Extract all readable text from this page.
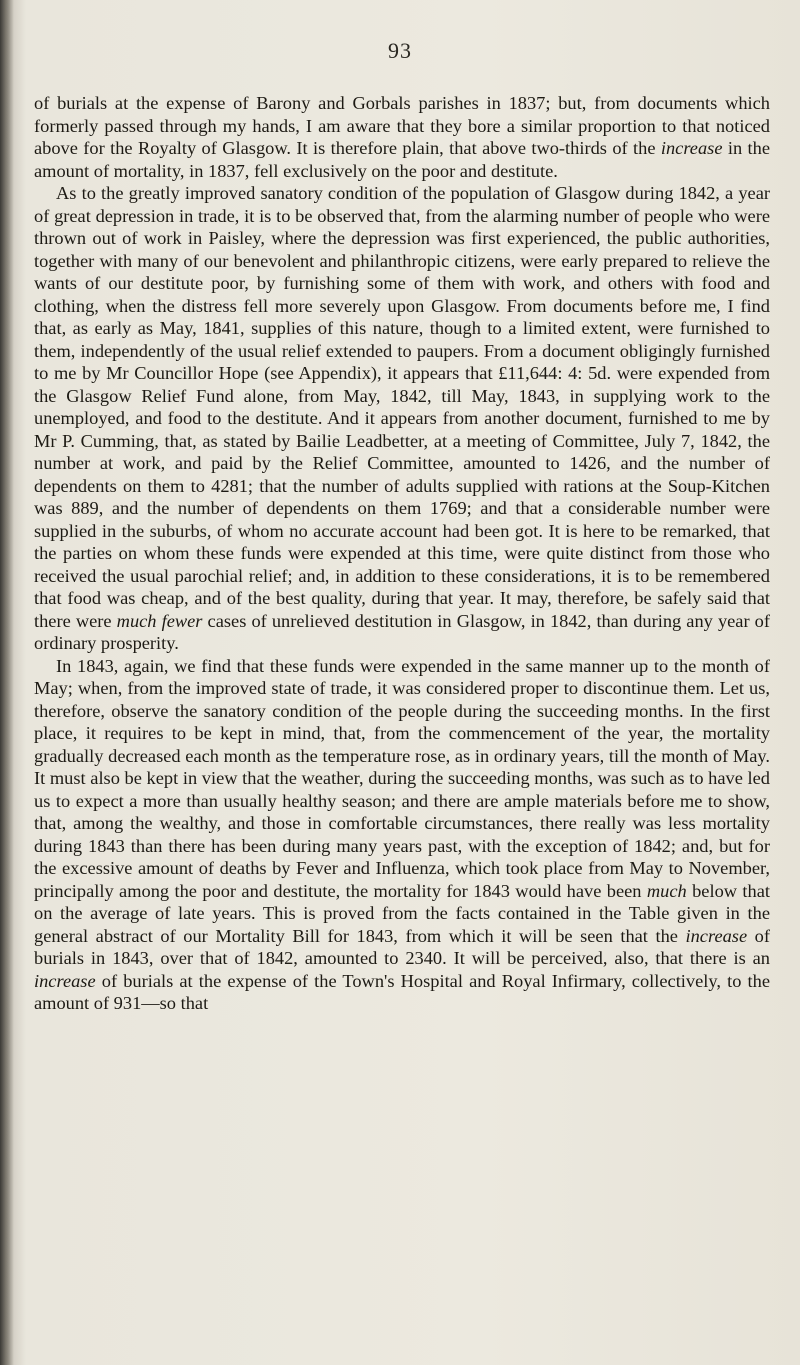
93

of burials at the expense of Barony and Gorbals parishes in 1837; but, from documents which formerly passed through my hands, I am aware that they bore a similar proportion to that noticed above for the Royalty of Glasgow. It is therefore plain, that above two-thirds of the increase in the amount of mortality, in 1837, fell exclusively on the poor and destitute.

As to the greatly improved sanatory condition of the population of Glasgow during 1842, a year of great depression in trade, it is to be observed that, from the alarming number of people who were thrown out of work in Paisley, where the depression was first experienced, the public authorities, together with many of our benevolent and philanthropic citizens, were early prepared to relieve the wants of our destitute poor, by furnishing some of them with work, and others with food and clothing, when the distress fell more severely upon Glasgow. From documents before me, I find that, as early as May, 1841, supplies of this nature, though to a limited extent, were furnished to them, independently of the usual relief extended to paupers. From a document obligingly furnished to me by Mr Councillor Hope (see Appendix), it appears that £11,644: 4: 5d. were expended from the Glasgow Relief Fund alone, from May, 1842, till May, 1843, in supplying work to the unemployed, and food to the destitute. And it appears from another document, furnished to me by Mr P. Cumming, that, as stated by Bailie Leadbetter, at a meeting of Committee, July 7, 1842, the number at work, and paid by the Relief Committee, amounted to 1426, and the number of dependents on them to 4281; that the number of adults supplied with rations at the Soup-Kitchen was 889, and the number of dependents on them 1769; and that a considerable number were supplied in the suburbs, of whom no accurate account had been got. It is here to be remarked, that the parties on whom these funds were expended at this time, were quite distinct from those who received the usual parochial relief; and, in addition to these considerations, it is to be remembered that food was cheap, and of the best quality, during that year. It may, therefore, be safely said that there were much fewer cases of unrelieved destitution in Glasgow, in 1842, than during any year of ordinary prosperity.

In 1843, again, we find that these funds were expended in the same manner up to the month of May; when, from the improved state of trade, it was considered proper to discontinue them. Let us, therefore, observe the sanatory condition of the people during the succeeding months. In the first place, it requires to be kept in mind, that, from the commencement of the year, the mortality gradually decreased each month as the temperature rose, as in ordinary years, till the month of May. It must also be kept in view that the weather, during the succeeding months, was such as to have led us to expect a more than usually healthy season; and there are ample materials before me to show, that, among the wealthy, and those in comfortable circumstances, there really was less mortality during 1843 than there has been during many years past, with the exception of 1842; and, but for the excessive amount of deaths by Fever and Influenza, which took place from May to November, principally among the poor and destitute, the mortality for 1843 would have been much below that on the average of late years. This is proved from the facts contained in the Table given in the general abstract of our Mortality Bill for 1843, from which it will be seen that the increase of burials in 1843, over that of 1842, amounted to 2340. It will be perceived, also, that there is an increase of burials at the expense of the Town's Hospital and Royal Infirmary, collectively, to the amount of 931—so that
